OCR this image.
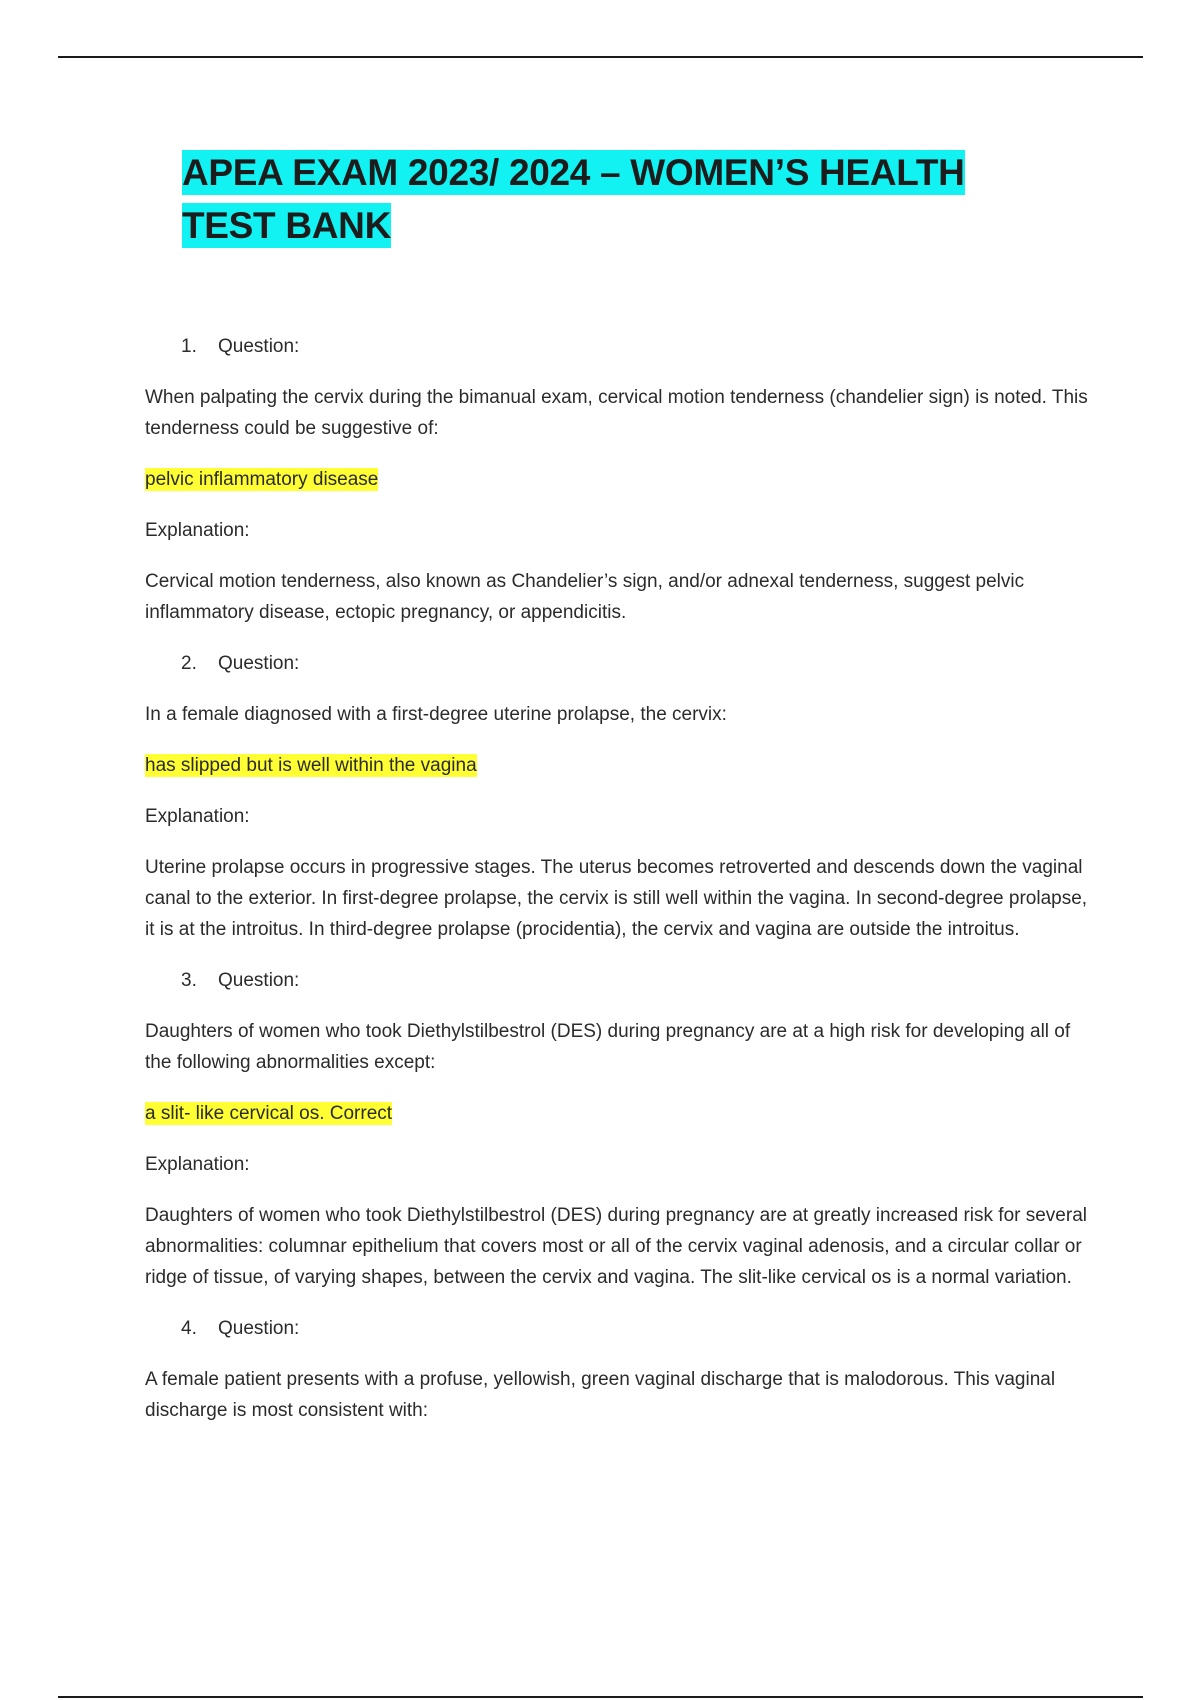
APEA EXAM 2023/ 2024 – WOMEN’S HEALTH
TEST BANK
1.	Question:

When palpating the cervix during the bimanual exam, cervical motion tenderness (chandelier sign) is noted. This tenderness could be suggestive of:

pelvic inflammatory disease

Explanation:

Cervical motion tenderness, also known as Chandelier’s sign, and/or adnexal tenderness, suggest pelvic inflammatory disease, ectopic pregnancy, or appendicitis.

2.	Question:

In a female diagnosed with a first-degree uterine prolapse, the cervix:

has slipped but is well within the vagina

Explanation:

Uterine prolapse occurs in progressive stages. The uterus becomes retroverted and descends down the vaginal canal to the exterior. In first-degree prolapse, the cervix is still well within the vagina. In second-degree prolapse, it is at the introitus. In third-degree prolapse (procidentia), the cervix and vagina are outside the introitus.

3.	Question:

Daughters of women who took Diethylstilbestrol (DES) during pregnancy are at a high risk for developing all of the following abnormalities except:

a slit- like cervical os. Correct

Explanation:

Daughters of women who took Diethylstilbestrol (DES) during pregnancy are at greatly increased risk for several abnormalities: columnar epithelium that covers most or all of the cervix vaginal adenosis, and a circular collar or ridge of tissue, of varying shapes, between the cervix and vagina. The slit-like cervical os is a normal variation.

4.	Question:

A female patient presents with a profuse, yellowish, green vaginal discharge that is malodorous. This vaginal discharge is most consistent with:
